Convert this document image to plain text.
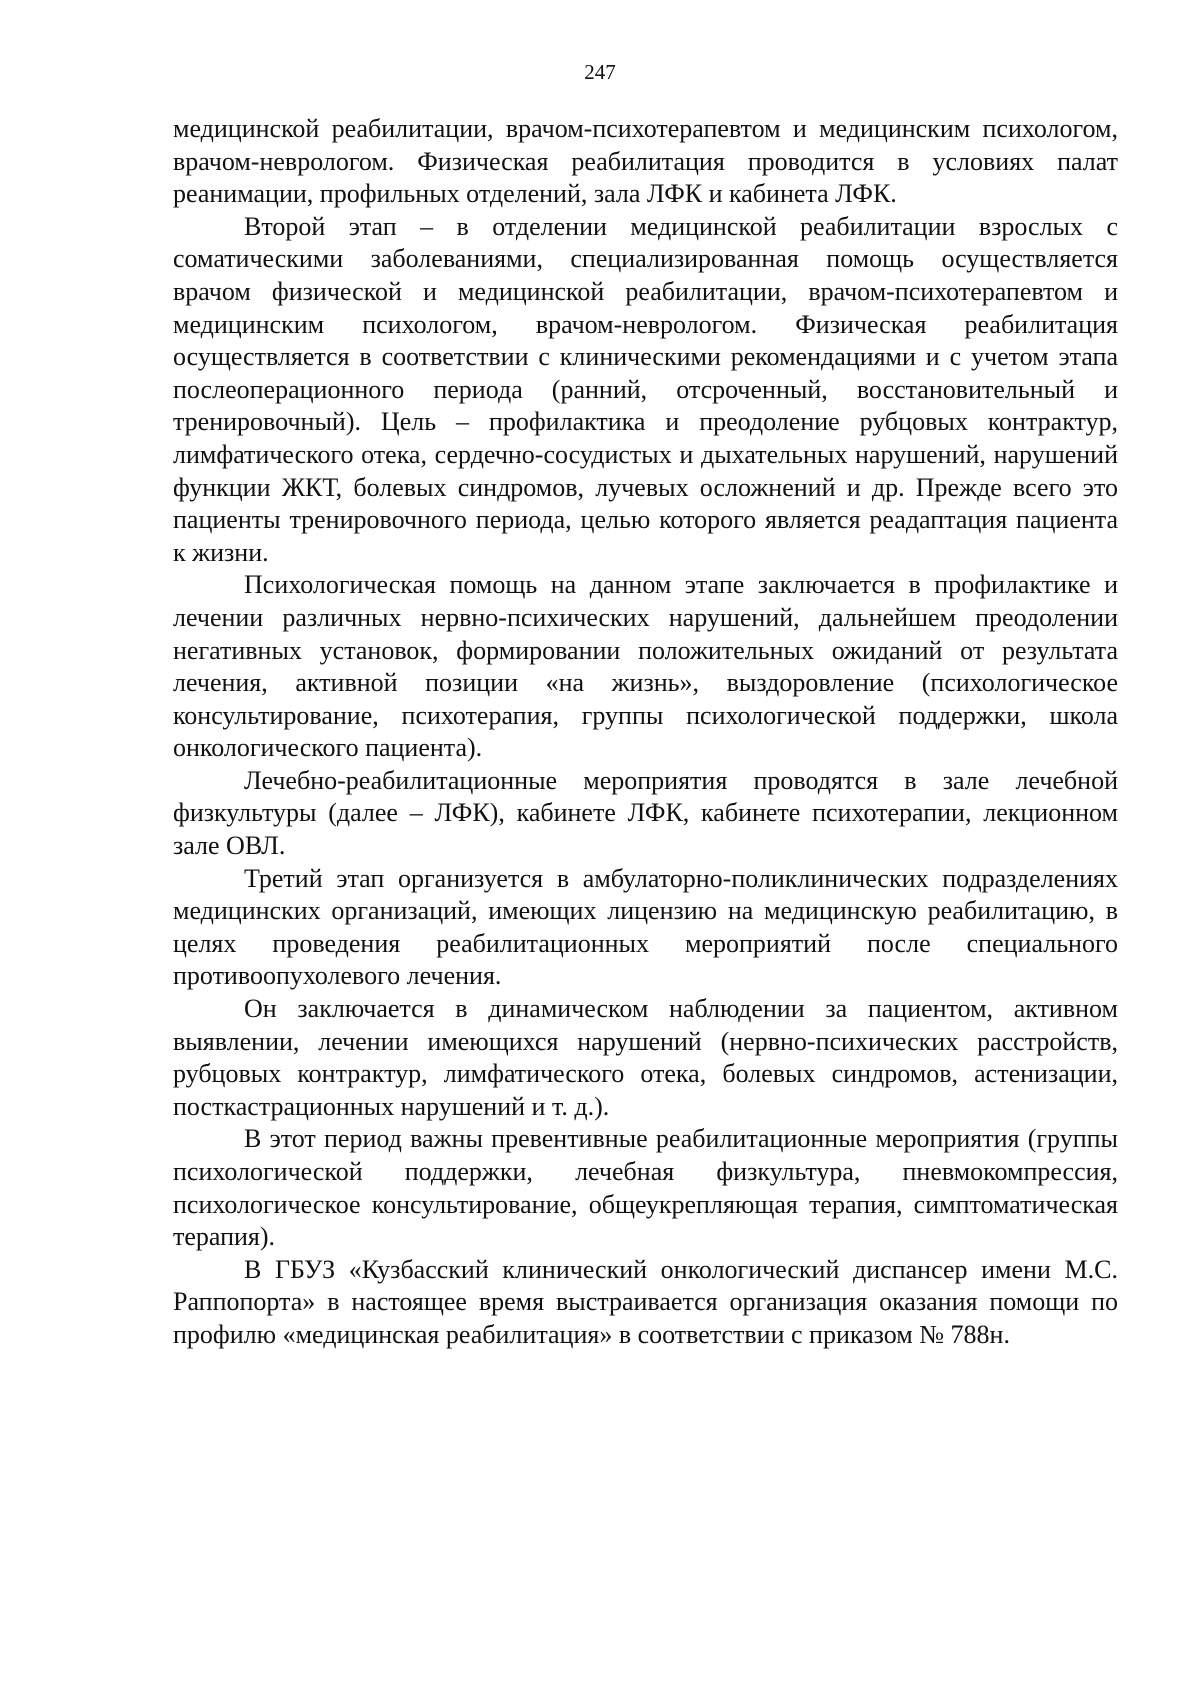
247

медицинской реабилитации, врачом-психотерапевтом и медицинским психологом, врачом-неврологом. Физическая реабилитация проводится в условиях палат реанимации, профильных отделений, зала ЛФК и кабинета ЛФК.

Второй этап – в отделении медицинской реабилитации взрослых с соматическими заболеваниями, специализированная помощь осуществляется врачом физической и медицинской реабилитации, врачом-психотерапевтом и медицинским психологом, врачом-неврологом. Физическая реабилитация осуществляется в соответствии с клиническими рекомендациями и с учетом этапа послеоперационного периода (ранний, отсроченный, восстановительный и тренировочный). Цель – профилактика и преодоление рубцовых контрактур, лимфатического отека, сердечно-сосудистых и дыхательных нарушений, нарушений функции ЖКТ, болевых синдромов, лучевых осложнений и др. Прежде всего это пациенты тренировочного периода, целью которого является реадаптация пациента к жизни.

Психологическая помощь на данном этапе заключается в профилактике и лечении различных нервно-психических нарушений, дальнейшем преодолении негативных установок, формировании положительных ожиданий от результата лечения, активной позиции «на жизнь», выздоровление (психологическое консультирование, психотерапия, группы психологической поддержки, школа онкологического пациента).

Лечебно-реабилитационные мероприятия проводятся в зале лечебной физкультуры (далее – ЛФК), кабинете ЛФК, кабинете психотерапии, лекционном зале ОВЛ.

Третий этап организуется в амбулаторно-поликлинических подразделениях медицинских организаций, имеющих лицензию на медицинскую реабилитацию, в целях проведения реабилитационных мероприятий после специального противоопухолевого лечения.

Он заключается в динамическом наблюдении за пациентом, активном выявлении, лечении имеющихся нарушений (нервно-психических расстройств, рубцовых контрактур, лимфатического отека, болевых синдромов, астенизации, посткастрационных нарушений и т. д.).

В этот период важны превентивные реабилитационные мероприятия (группы психологической поддержки, лечебная физкультура, пневмокомпрессия, психологическое консультирование, общеукрепляющая терапия, симптоматическая терапия).

В ГБУЗ «Кузбасский клинический онкологический диспансер имени М.С. Раппопорта» в настоящее время выстраивается организация оказания помощи по профилю «медицинская реабилитация» в соответствии с приказом № 788н.
